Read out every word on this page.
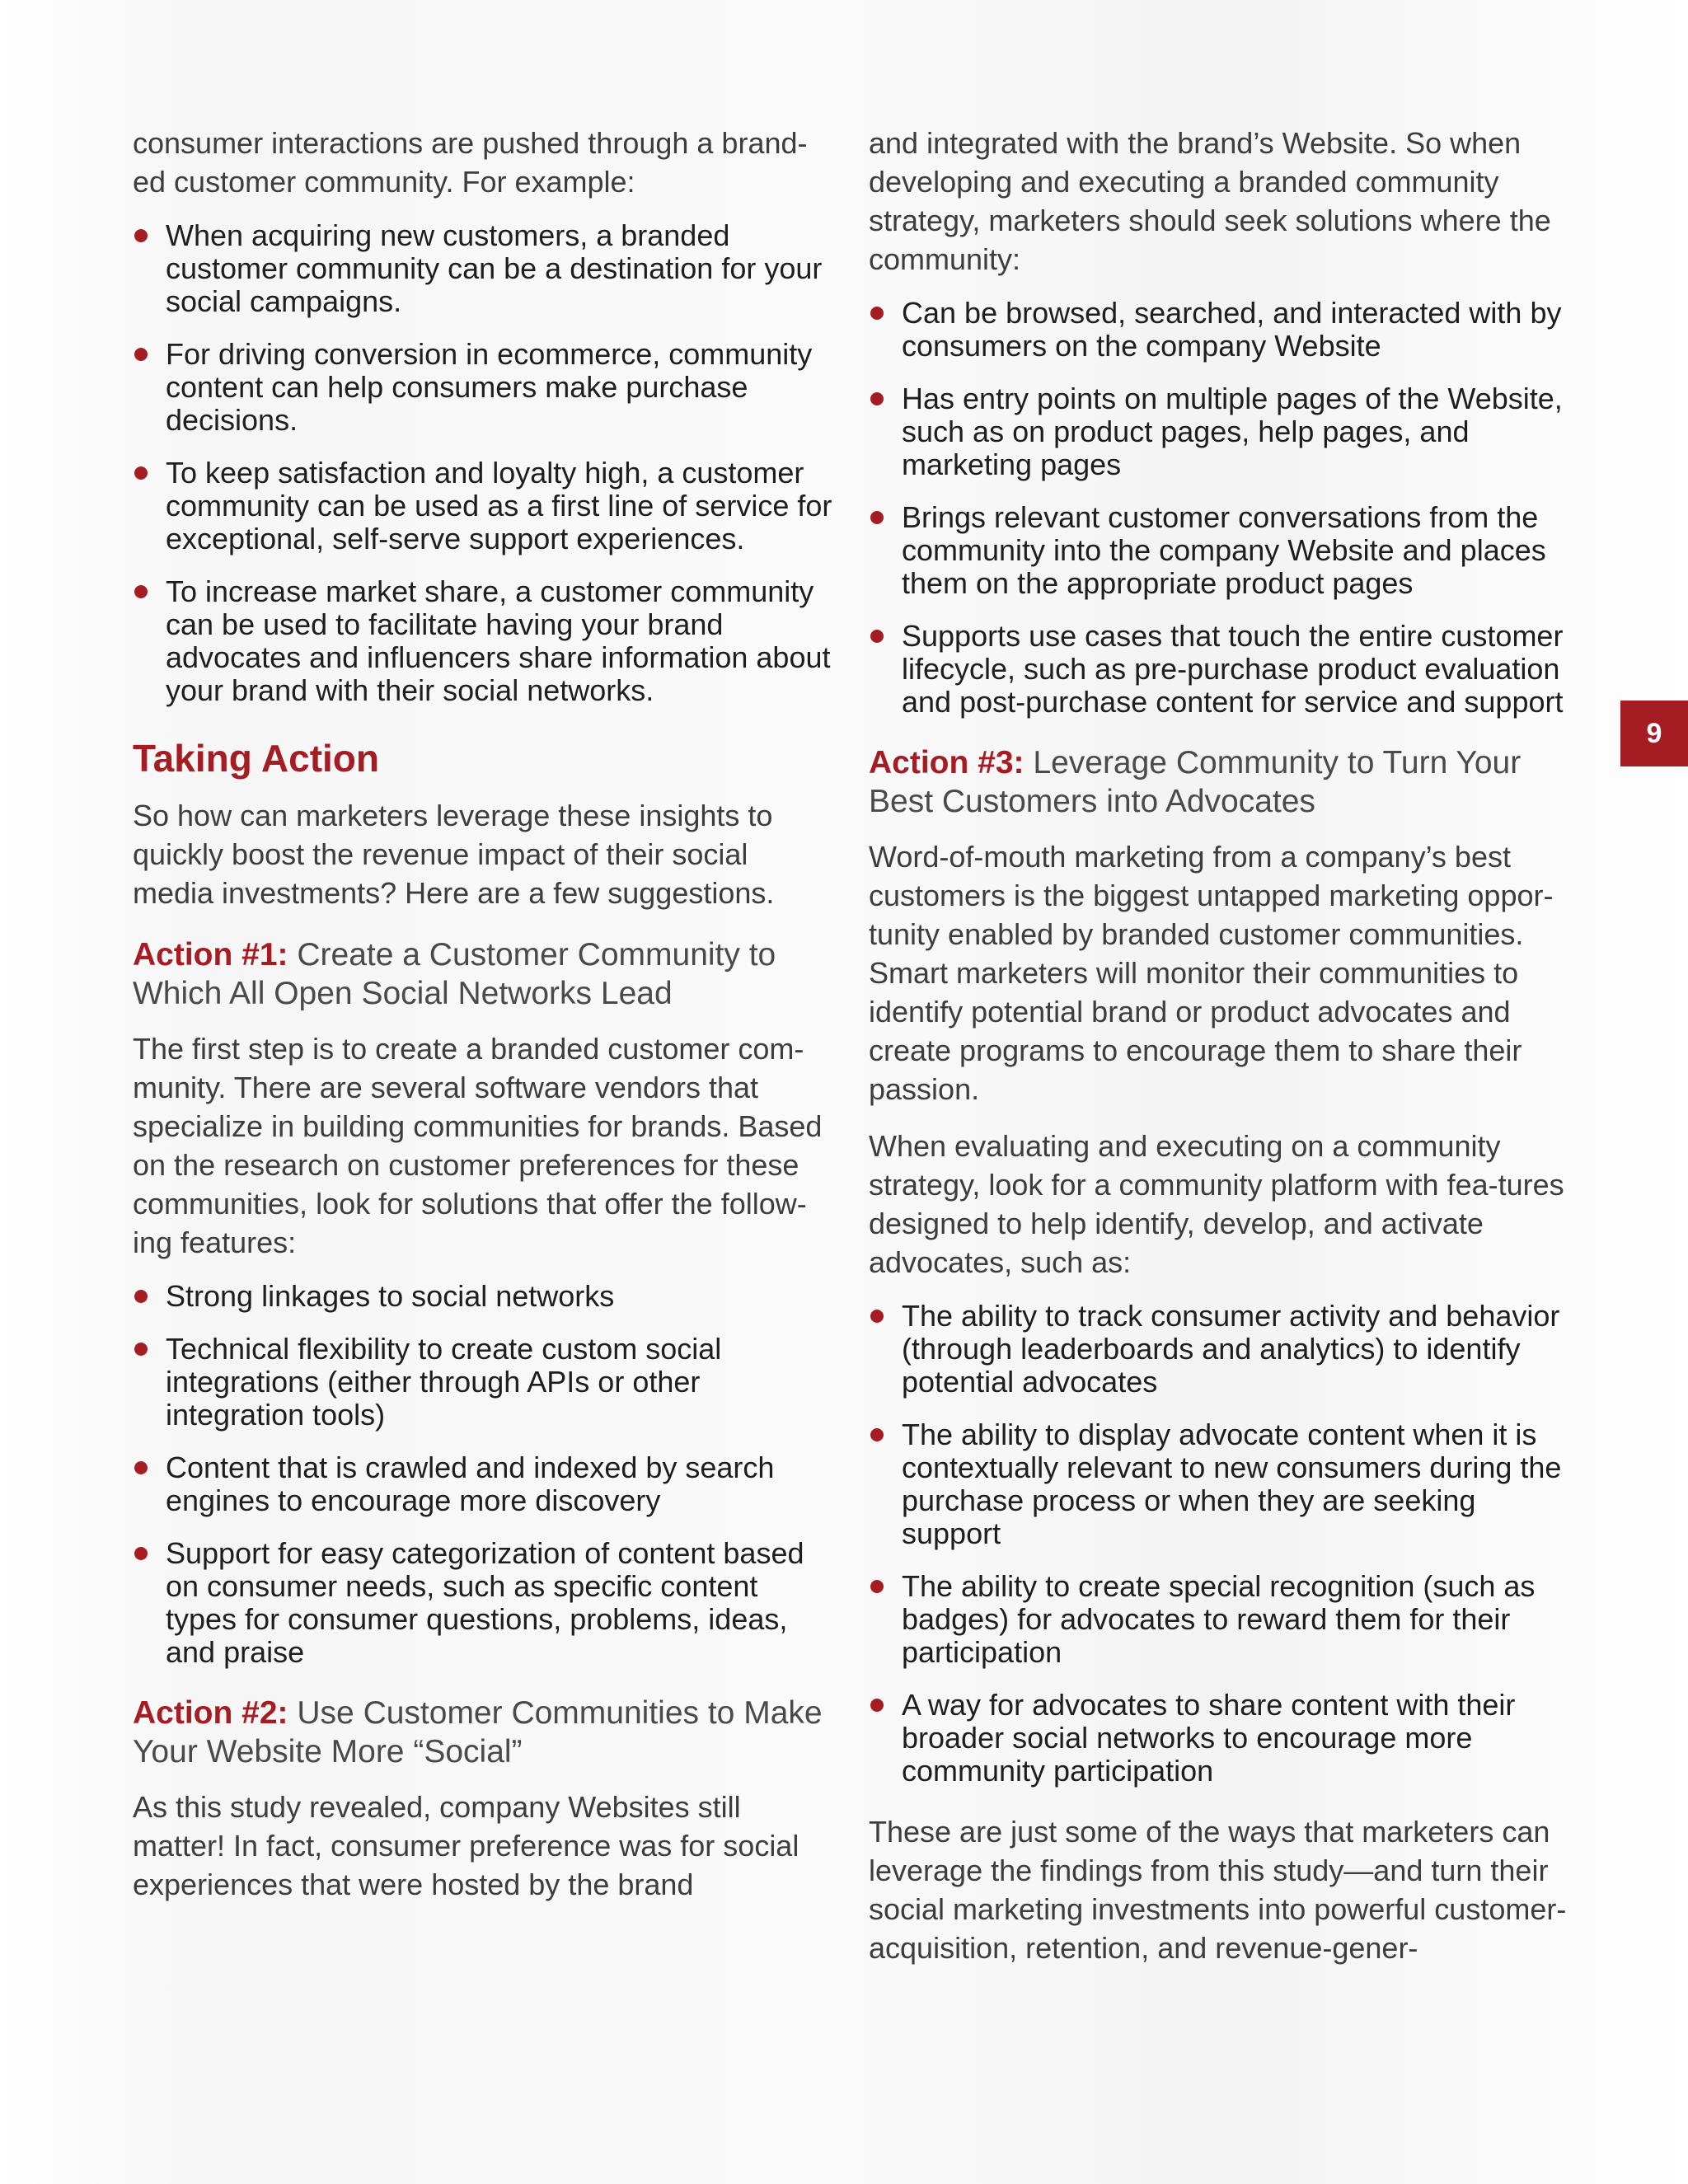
consumer interactions are pushed through a brand-ed customer community. For example:

When acquiring new customers, a branded customer community can be a destination for your social campaigns.
For driving conversion in ecommerce, community content can help consumers make purchase decisions.
To keep satisfaction and loyalty high, a customer community can be used as a first line of service for exceptional, self-serve support experiences.
To increase market share, a customer community can be used to facilitate having your brand advocates and influencers share information about your brand with their social networks.
Taking Action

So how can marketers leverage these insights to quickly boost the revenue impact of their social media investments? Here are a few suggestions.

Action #1: Create a Customer Community to Which All Open Social Networks Lead

The first step is to create a branded customer com-munity. There are several software vendors that specialize in building communities for brands. Based on the research on customer preferences for these communities, look for solutions that offer the follow-ing features:

Strong linkages to social networks
Technical flexibility to create custom social integrations (either through APIs or other integration tools)
Content that is crawled and indexed by search engines to encourage more discovery
Support for easy categorization of content based on consumer needs, such as specific content types for consumer questions, problems, ideas, and praise
Action #2: Use Customer Communities to Make Your Website More “Social”

As this study revealed, company Websites still matter! In fact, consumer preference was for social experiences that were hosted by the brand

and integrated with the brand’s Website. So when developing and executing a branded community strategy, marketers should seek solutions where the community:

Can be browsed, searched, and interacted with by consumers on the company Website
Has entry points on multiple pages of the Website, such as on product pages, help pages, and marketing pages
Brings relevant customer conversations from the community into the company Website and places them on the appropriate product pages
Supports use cases that touch the entire customer lifecycle, such as pre-purchase product evaluation and post-purchase content for service and support
Action #3: Leverage Community to Turn Your Best Customers into Advocates

Word-of-mouth marketing from a company’s best customers is the biggest untapped marketing oppor-tunity enabled by branded customer communities. Smart marketers will monitor their communities to identify potential brand or product advocates and create programs to encourage them to share their passion.

When evaluating and executing on a community strategy, look for a community platform with fea-tures designed to help identify, develop, and activate advocates, such as:

The ability to track consumer activity and behavior (through leaderboards and analytics) to identify potential advocates
The ability to display advocate content when it is contextually relevant to new consumers during the purchase process or when they are seeking support
The ability to create special recognition (such as badges) for advocates to reward them for their participation
A way for advocates to share content with their broader social networks to encourage more community participation

These are just some of the ways that marketers can leverage the findings from this study—and turn their social marketing investments into powerful customer-acquisition, retention, and revenue-gener-

9
